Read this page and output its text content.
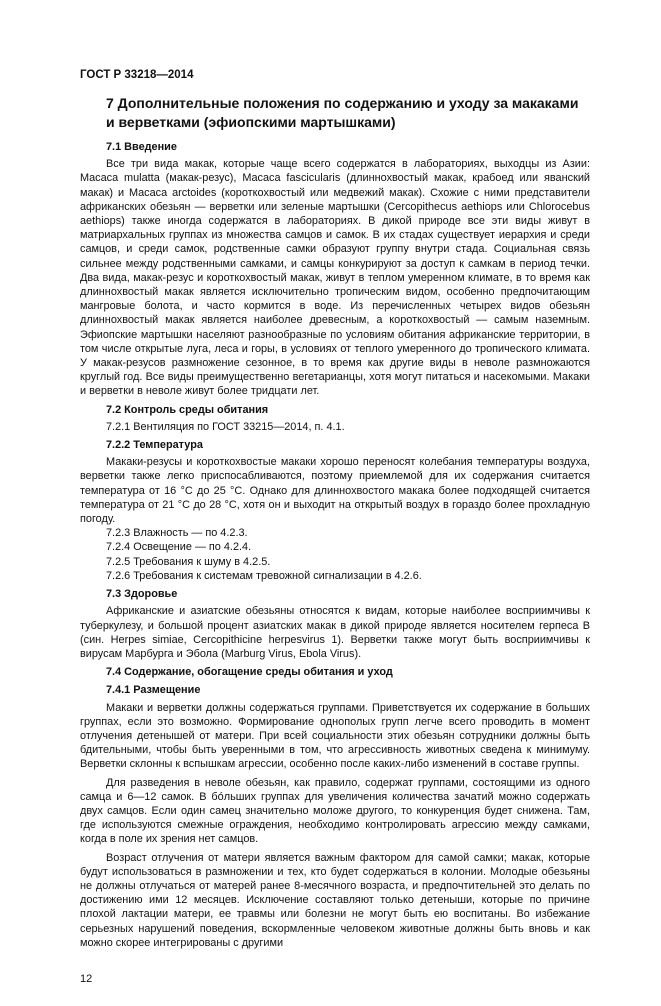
ГОСТ Р 33218—2014
7 Дополнительные положения по содержанию и уходу за макаками и верветками (эфиопскими мартышками)
7.1 Введение

Все три вида макак, которые чаще всего содержатся в лабораториях, выходцы из Азии: Macaca mulatta (макак-резус), Macaca fascicularis (длиннохвостый макак, крабоед или яванский макак) и Macaca arctoides (короткохвостый или медвежий макак). Схожие с ними представители африканских обезьян — верветки или зеленые мартышки (Cercopithecus aethiops или Chlorocebus aethiops) также иногда содержатся в лабораториях. В дикой природе все эти виды живут в матриархальных группах из множества самцов и самок. В их стадах существует иерархия и среди самцов, и среди самок, родственные самки образуют группу внутри стада. Социальная связь сильнее между родственными самками, и самцы конкурируют за доступ к самкам в период течки. Два вида, макак-резус и короткохвостый макак, живут в теплом умеренном климате, в то время как длиннохвостый макак является исключительно тропическим видом, особенно предпочитающим мангровые болота, и часто кормится в воде. Из перечисленных четырех видов обезьян длиннохвостый макак является наиболее древесным, а короткохвостый — самым наземным. Эфиопские мартышки населяют разнообразные по условиям обитания африканские территории, в том числе открытые луга, леса и горы, в условиях от теплого умеренного до тропического климата. У макак-резусов размножение сезонное, в то время как другие виды в неволе размножаются круглый год. Все виды преимущественно вегетарианцы, хотя могут питаться и насекомыми. Макаки и верветки в неволе живут более тридцати лет.

7.2 Контроль среды обитания
7.2.1 Вентиляция по ГОСТ 33215—2014, п. 4.1.
7.2.2 Температура

Макаки-резусы и короткохвостые макаки хорошо переносят колебания температуры воздуха, верветки также легко приспосабливаются, поэтому приемлемой для их содержания считается температура от 16 °С до 25 °С. Однако для длиннохвостого макака более подходящей считается температура от 21 °С до 28 °С, хотя он и выходит на открытый воздух в гораздо более прохладную погоду.

7.2.3 Влажность — по 4.2.3.
7.2.4 Освещение — по 4.2.4.
7.2.5 Требования к шуму в 4.2.5.
7.2.6 Требования к системам тревожной сигнализации в 4.2.6.
7.3 Здоровье

Африканские и азиатские обезьяны относятся к видам, которые наиболее восприимчивы к туберкулезу, и большой процент азиатских макак в дикой природе является носителем герпеса В (син. Herpes simiae, Cercopithicine herpesvirus 1). Верветки также могут быть восприимчивы к вирусам Марбурга и Эбола (Marburg Virus, Ebola Virus).

7.4 Содержание, обогащение среды обитания и уход
7.4.1 Размещение

Макаки и верветки должны содержаться группами. Приветствуется их содержание в больших группах, если это возможно. Формирование однополых групп легче всего проводить в момент отлучения детенышей от матери. При всей социальности этих обезьян сотрудники должны быть бдительными, чтобы быть уверенными в том, что агрессивность животных сведена к минимуму. Верветки склонны к вспышкам агрессии, особенно после каких-либо изменений в составе группы.

Для разведения в неволе обезьян, как правило, содержат группами, состоящими из одного самца и 6—12 самок. В бо́льших группах для увеличения количества зачатий можно содержать двух самцов. Если один самец значительно моложе другого, то конкуренция будет снижена. Там, где используются смежные ограждения, необходимо контролировать агрессию между самками, когда в поле их зрения нет самцов.

Возраст отлучения от матери является важным фактором для самой самки; макак, которые будут использоваться в размножении и тех, кто будет содержаться в колонии. Молодые обезьяны не должны отлучаться от матерей ранее 8-месячного возраста, и предпочтительней это делать по достижению ими 12 месяцев. Исключение составляют только детеныши, которые по причине плохой лактации матери, ее травмы или болезни не могут быть ею воспитаны. Во избежание серьезных нарушений поведения, вскормленные человеком животные должны быть вновь и как можно скорее интегрированы с другими

12
